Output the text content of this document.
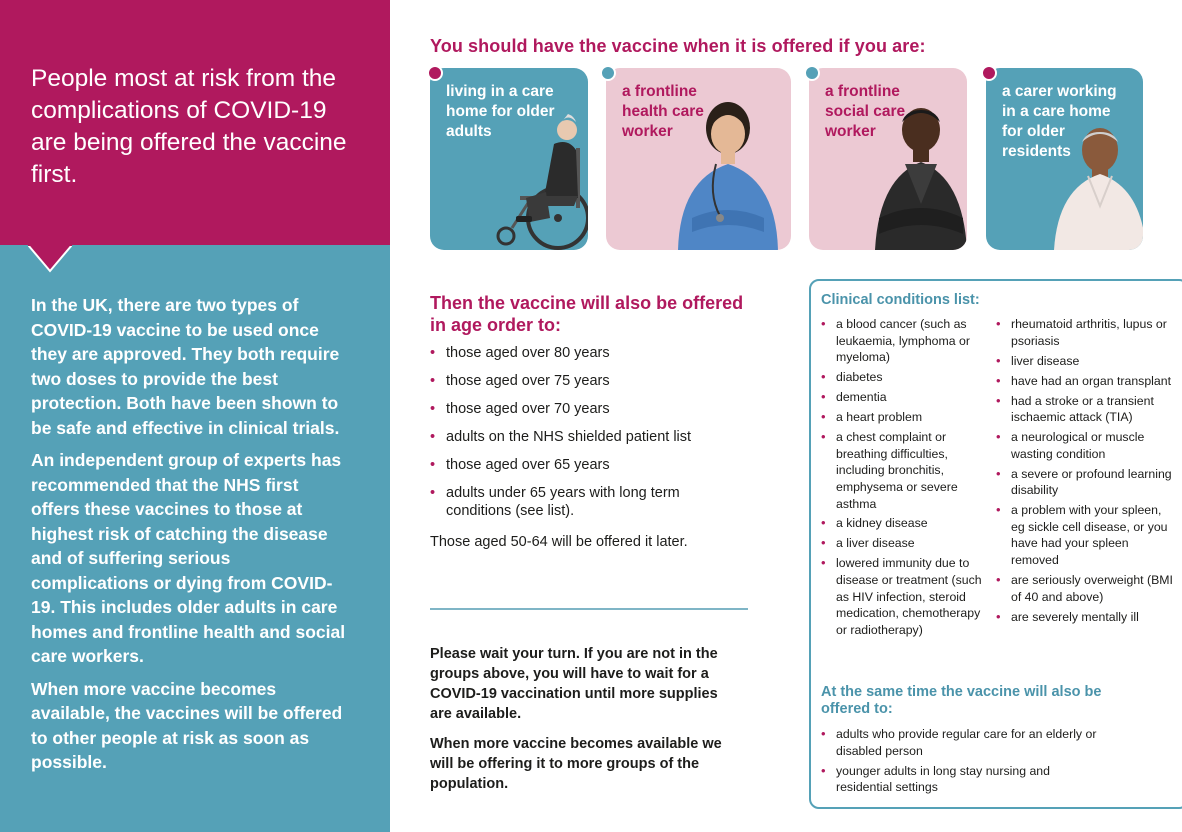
People most at risk from the complications of COVID-19 are being offered the vaccine first.

In the UK, there are two types of COVID-19 vaccine to be used once they are approved. They both require two doses to provide the best protection. Both have been shown to be safe and effective in clinical trials.

An independent group of experts has recommended that the NHS first offers these vaccines to those at highest risk of catching the disease and of suffering serious complications or dying from COVID-19. This includes older adults in care homes and frontline health and social care workers.

When more vaccine becomes available, the vaccines will be offered to other people at risk as soon as possible.

You should have the vaccine when it is offered if you are:
living in a care home for older adults
a frontline health care worker
a frontline social care worker
a carer working in a care home for older residents
Then the vaccine will also be offered in age order to:
• those aged over 80 years
• those aged over 75 years
• those aged over 70 years
• adults on the NHS shielded patient list
• those aged over 65 years
• adults under 65 years with long term conditions (see list).

Those aged 50-64 will be offered it later.

Please wait your turn. If you are not in the groups above, you will have to wait for a COVID-19 vaccination until more supplies are available.

When more vaccine becomes available we will be offering it to more groups of the population.

Clinical conditions list:
• a blood cancer (such as leukaemia, lymphoma or myeloma)
• diabetes
• dementia
• a heart problem
• a chest complaint or breathing difficulties, including bronchitis, emphysema or severe asthma
• a kidney disease
• a liver disease
• lowered immunity due to disease or treatment (such as HIV infection, steroid medication, chemotherapy or radiotherapy)
• rheumatoid arthritis, lupus or psoriasis
• liver disease
• have had an organ transplant
• had a stroke or a transient ischaemic attack (TIA)
• a neurological or muscle wasting condition
• a severe or profound learning disability
• a problem with your spleen, eg sickle cell disease, or you have had your spleen removed
• are seriously overweight (BMI of 40 and above)
• are severely mentally ill
At the same time the vaccine will also be offered to:
• adults who provide regular care for an elderly or disabled person
• younger adults in long stay nursing and residential settings
